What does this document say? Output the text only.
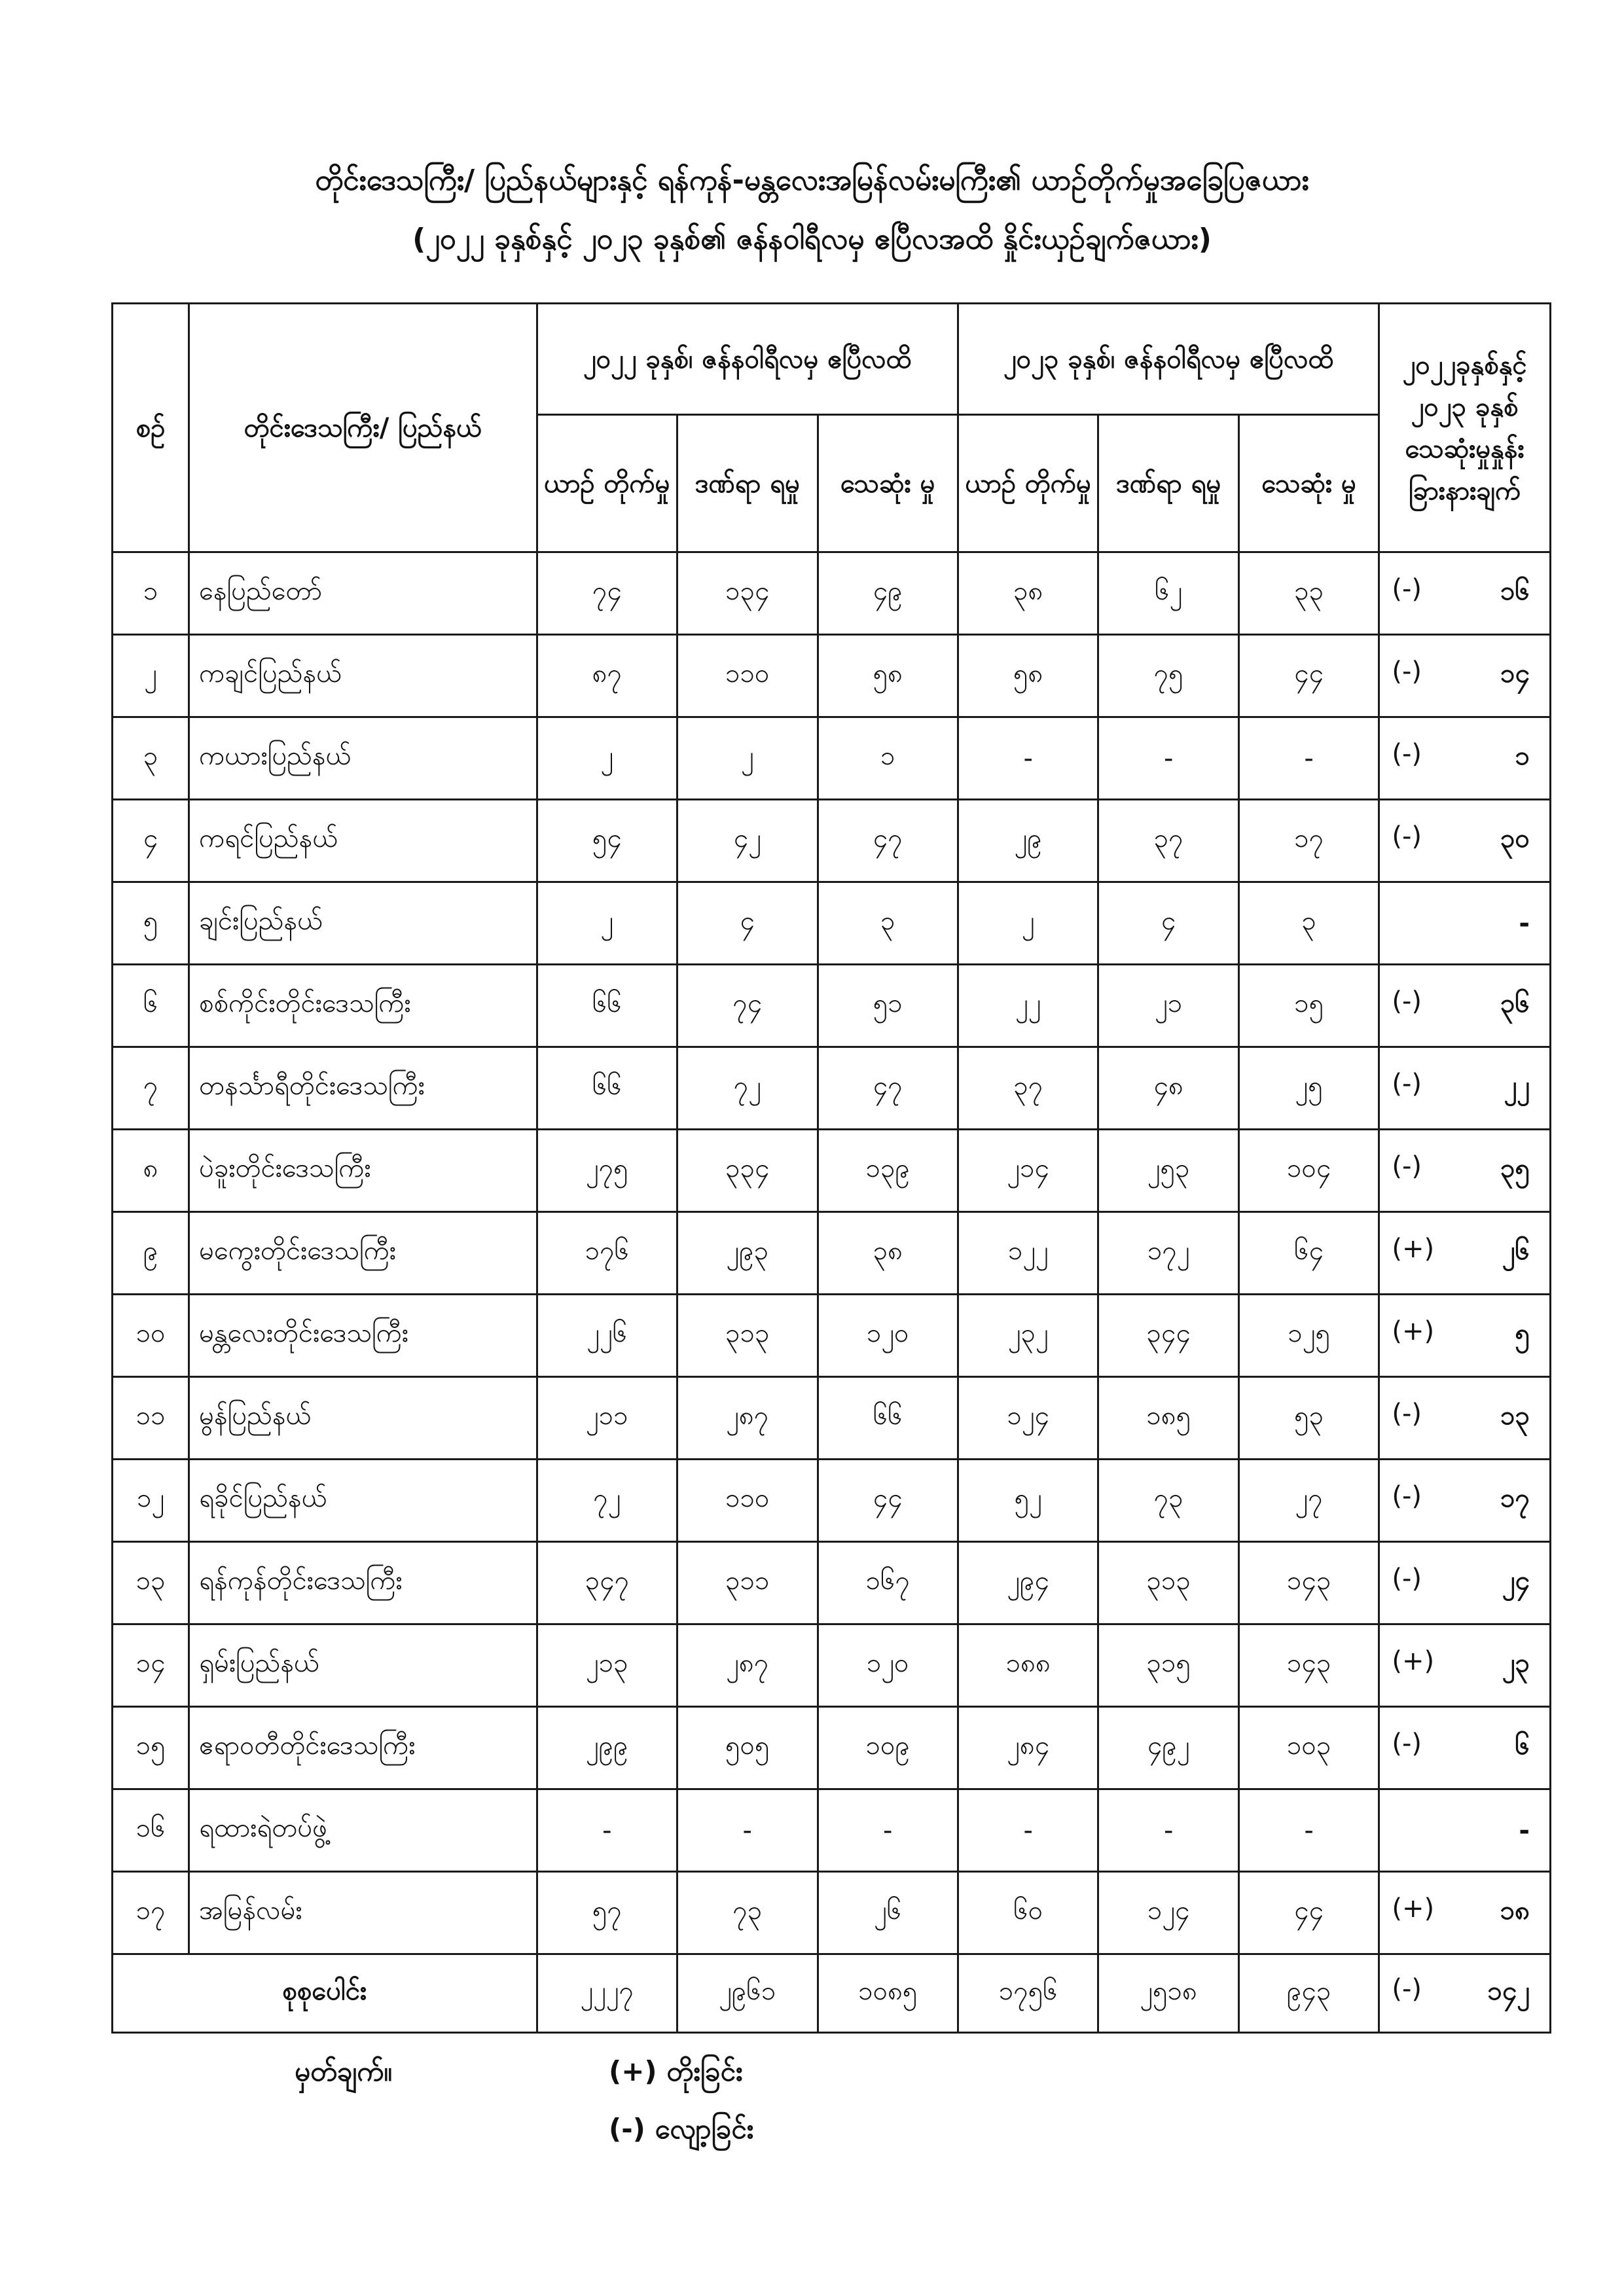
တိုင်းဒေသကြီး/ ပြည်နယ်များနှင့် ရန်ကုန်-မန္တလေးအမြန်လမ်းမကြီး၏ ယာဉ်တိုက်မှုအခြေပြဇယား
(၂၀၂၂ ခုနှစ်နှင့် ၂၀၂၃ ခုနှစ်၏ ဇန်နဝါရီလမှ ဧပြီလအထိ နှိုင်းယှဉ်ချက်ဇယား)
စဉ်	တိုင်းဒေသကြီး/ ပြည်နယ်	၂၀၂၂ ခုနှစ်၊ ဇန်နဝါရီလမှ ဧပြီလထိ			၂၀၂၃ ခုနှစ်၊ ဇန်နဝါရီလမှ ဧပြီလထိ			၂၀၂၂ခုနှစ်နှင့် ၂၀၂၃ ခုနှစ် သေဆုံးမှုနှုန်း ခြားနားချက်
		ယာဉ် တိုက်မှု	ဒဏ်ရာ ရမှု	သေဆုံး မှု	ယာဉ် တိုက်မှု	ဒဏ်ရာ ရမှု	သေဆုံး မှု	
၁	နေပြည်တော်	၇၄	၁၃၄	၄၉	၃၈	၆၂	၃၃	(-) ၁၆

၂	ကချင်ပြည်နယ်	၈၇	၁၁၀	၅၈	၅၈	၇၅	၄၄	(-) ၁၄

၃	ကယားပြည်နယ်	၂	၂	၁	-	-	-	(-) ၁

၄	ကရင်ပြည်နယ်	၅၄	၄၂	၄၇	၂၉	၃၇	၁၇	(-) ၃၀

၅	ချင်းပြည်နယ်	၂	၄	၃	၂	၄	၃	-

၆	စစ်ကိုင်းတိုင်းဒေသကြီး	၆၆	၇၄	၅၁	၂၂	၂၁	၁၅	(-) ၃၆

၇	တနင်္သာရီတိုင်းဒေသကြီး	၆၆	၇၂	၄၇	၃၇	၄၈	၂၅	(-) ၂၂

၈	ပဲခူးတိုင်းဒေသကြီး	၂၇၅	၃၃၄	၁၃၉	၂၁၄	၂၅၃	၁၀၄	(-) ၃၅

၉	မကွေးတိုင်းဒေသကြီး	၁၇၆	၂၉၃	၃၈	၁၂၂	၁၇၂	၆၄	(+) ၂၆

၁၀	မန္တလေးတိုင်းဒေသကြီး	၂၂၆	၃၁၃	၁၂၀	၂၃၂	၃၄၄	၁၂၅	(+) ၅

၁၁	မွန်ပြည်နယ်	၂၁၁	၂၈၇	၆၆	၁၂၄	၁၈၅	၅၃	(-) ၁၃

၁၂	ရခိုင်ပြည်နယ်	၇၂	၁၁၀	၄၄	၅၂	၇၃	၂၇	(-) ၁၇

၁၃	ရန်ကုန်တိုင်းဒေသကြီး	၃၄၇	၃၁၁	၁၆၇	၂၉၄	၃၁၃	၁၄၃	(-) ၂၄

၁၄	ရှမ်းပြည်နယ်	၂၁၃	၂၈၇	၁၂၀	၁၈၈	၃၁၅	၁၄၃	(+) ၂၃

၁၅	ဧရာဝတီတိုင်းဒေသကြီး	၂၉၉	၅၀၅	၁၀၉	၂၈၄	၄၉၂	၁၀၃	(-) ၆

၁၆	ရထားရဲတပ်ဖွဲ့	-	-	-	-	-	-	-

၁၇	အမြန်လမ်း	၅၇	၇၃	၂၆	၆၀	၁၂၄	၄၄	(+) ၁၈

စုစုပေါင်း		၂၂၂၇	၂၉၆၁	၁၀၈၅	၁၇၅၆	၂၅၁၈	၉၄၃	(-) ၁၄၂
မှတ်ချက်။	(+) တိုးခြင်း
(-) လျော့ခြင်း
